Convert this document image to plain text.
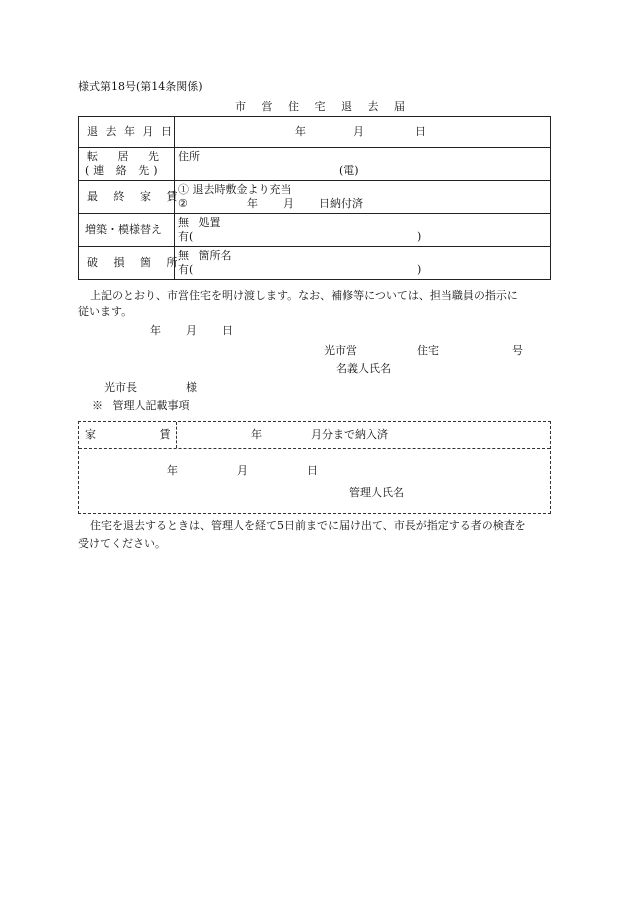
様式第18号(第14条関係)
市 営 住 宅 退 去 届
退 去 年 月 日	年 月 日

転 居 先
(連 絡 先)	住所
(電)

最 終 家 賃	① 退去時敷金より充当
② 年 月 日納付済

増築・模様替え	無 処置
有( )

破 損 箇 所	無 箇所名
有( )
上記のとおり、市営住宅を明け渡します。なお、補修等については、担当職員の指示に
従います。
年 月 日
光市営	住宅	号
名義人氏名
光市長	様
※ 管理人記載事項
家 賃	年	月分まで納入済
年	月	日
管理人氏名
住宅を退去するときは、管理人を経て5日前までに届け出て、市長が指定する者の検査を
受けてください。
